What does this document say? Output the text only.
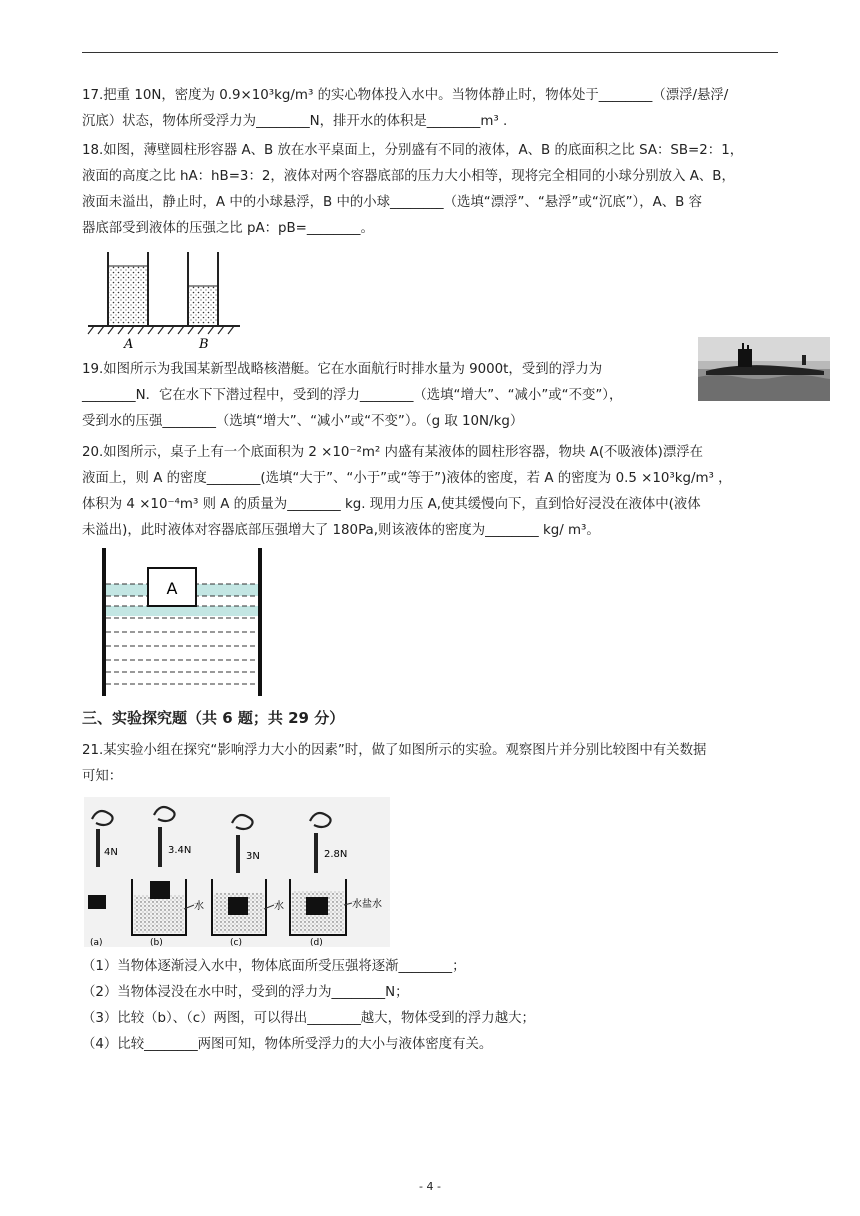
17.把重 10N，密度为 0.9×10³kg/m³ 的实心物体投入水中。当物体静止时，物体处于________（漂浮/悬浮/
沉底）状态，物体所受浮力为________N，排开水的体积是________m³ .
18.如图，薄壁圆柱形容器 A、B 放在水平桌面上，分别盛有不同的液体，A、B 的底面积之比 SA：SB=2：1，
液面的高度之比 hA：hB=3：2，液体对两个容器底部的压力大小相等，现将完全相同的小球分别放入 A、B，
液面未溢出，静止时，A 中的小球悬浮，B 中的小球________（选填“漂浮”、“悬浮”或“沉底”），A、B 容
器底部受到液体的压强之比 pA：pB=________。
A	B
19.如图所示为我国某新型战略核潜艇。它在水面航行时排水量为 9000t，受到的浮力为
________N．它在水下下潜过程中，受到的浮力________（选填“增大”、“减小”或“不变”），
受到水的压强________（选填“增大”、“减小”或“不变”）。（g 取 10N/kg）
20.如图所示，桌子上有一个底面积为 2 ×10⁻²m² 内盛有某液体的圆柱形容器，物块 A(不吸液体)漂浮在
液面上，则 A 的密度________(选填“大于”、“小于”或“等于”)液体的密度，若 A 的密度为 0.5 ×10³kg/m³ ，
体积为 4 ×10⁻⁴m³ 则 A 的质量为________ kg. 现用力压 A,使其缓慢向下，直到恰好浸没在液体中(液体
未溢出)，此时液体对容器底部压强增大了 180Pa,则该液体的密度为________ kg/ m³。
A
三、实验探究题（共 6 题；共 29 分）
21.某实验小组在探究“影响浮力大小的因素”时，做了如图所示的实验。观察图片并分别比较图中有关数据
可知：
4N	3.4N
3N	2.8N
水	水	水盐水
(a)	(b)	(c)	(d)
（1）当物体逐渐浸入水中，物体底面所受压强将逐渐________；
（2）当物体浸没在水中时，受到的浮力为________N；
（3）比较（b）、（c）两图，可以得出________越大，物体受到的浮力越大；
（4）比较________两图可知，物体所受浮力的大小与液体密度有关。
- 4 -
